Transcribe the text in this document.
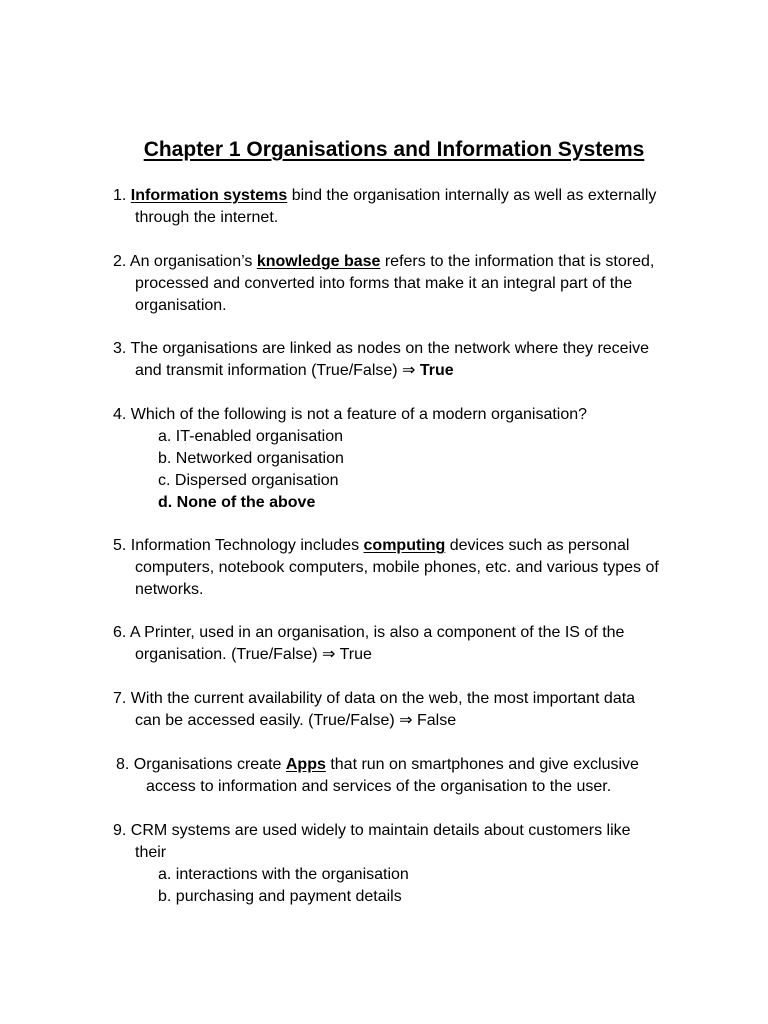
Chapter 1 Organisations and Information Systems
1. Information systems bind the organisation internally as well as externally
through the internet.
2. An organisation’s knowledge base refers to the information that is stored,
processed and converted into forms that make it an integral part of the
organisation.
3. The organisations are linked as nodes on the network where they receive
and transmit information (True/False) ⇒ True
4. Which of the following is not a feature of a modern organisation?
a. IT-enabled organisation
b. Networked organisation
c. Dispersed organisation
d. None of the above
5. Information Technology includes computing devices such as personal
computers, notebook computers, mobile phones, etc. and various types of
networks.
6. A Printer, used in an organisation, is also a component of the IS of the
organisation. (True/False) ⇒ True
7. With the current availability of data on the web, the most important data
can be accessed easily. (True/False) ⇒ False
8. Organisations create Apps that run on smartphones and give exclusive
access to information and services of the organisation to the user.
9. CRM systems are used widely to maintain details about customers like
their
a. interactions with the organisation
b. purchasing and payment details
